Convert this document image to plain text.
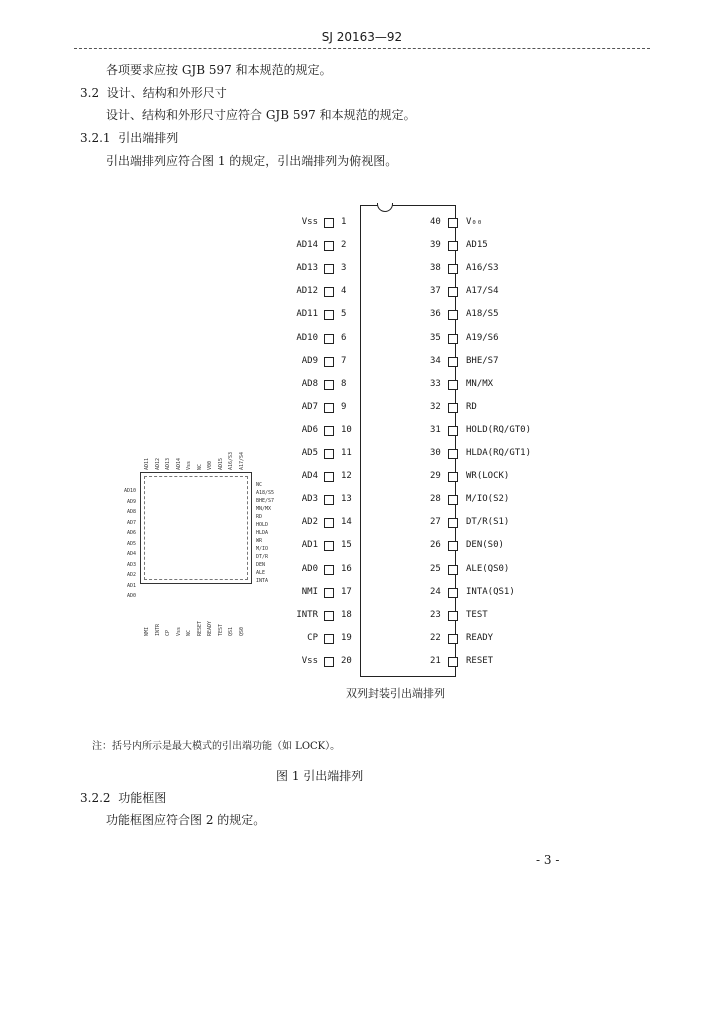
SJ 20163—92
各项要求应按 GJB 597 和本规范的规定。
3.2 设计、结构和外形尺寸
设计、结构和外形尺寸应符合 GJB 597 和本规范的规定。
3.2.1 引出端排列
引出端排列应符合图 1 的规定，引出端排列为俯视图。
Vss	1
AD14	2
AD13	3
AD12	4
AD11	5
AD10	6
AD9	7
AD8	8
AD7	9
AD6	10
AD5	11
AD4	12
AD3	13
AD2	14
AD1	15
AD0	16
NMI	17
INTR	18
CP	19
Vss	20
40	V₀₀
39	AD15
38	A16/S3
37	A17/S4
36	A18/S5
35	A19/S6
34	BHE/S7
33	MN/MX
32	RD
31	HOLD(RQ/GT0)
30	HLDA(RQ/GT1)
29	WR(LOCK)
28	M/IO(S2)
27	DT/R(S1)
26	DEN(S0)
25	ALE(QS0)
24	INTA(QS1)
23	TEST
22	READY
21	RESET
双列封装引出端排列
AD11 AD12 AD13 AD14 Vss NC V00 AD15 A16/S3 A17/S4
AD10
AD9
AD8
AD7
AD6
AD5
AD4
AD3
AD2
AD1
AD0
NC
A18/S5
BHE/S7
MN/MX
RD
HOLD
HLDA
WR
M/IO
DT/R
DEN
ALE
INTA
NMI INTR CP Vss NC RESET READY TEST QS1 QS0
注：括号内所示是最大模式的引出端功能（如 LOCK）。
图 1 引出端排列
3.2.2 功能框图
功能框图应符合图 2 的规定。
- 3 -
